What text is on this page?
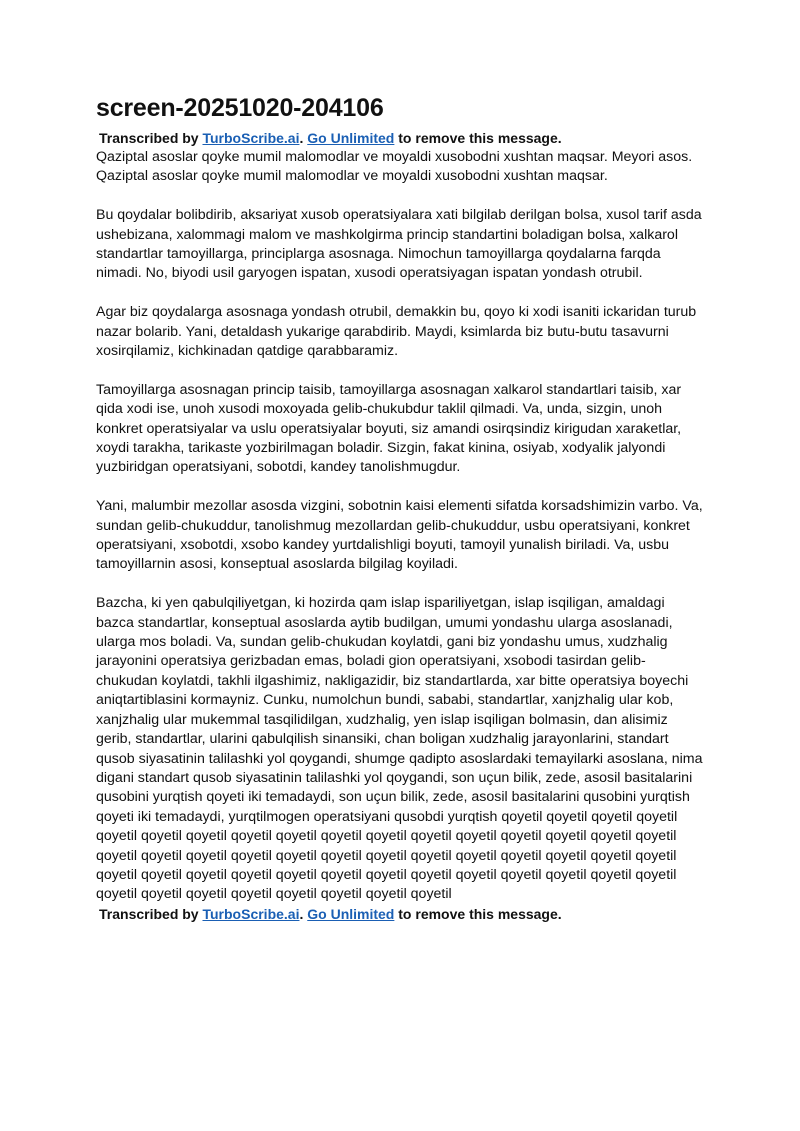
screen-20251020-204106
Transcribed by TurboScribe.ai. Go Unlimited to remove this message.

Qaziptal asoslar qoyke mumil malomodlar ve moyaldi xusobodni xushtan maqsar. Meyori asos. Qaziptal asoslar qoyke mumil malomodlar ve moyaldi xusobodni xushtan maqsar.

Bu qoydalar bolibdirib, aksariyat xusob operatsiyalara xati bilgilab derilgan bolsa, xusol tarif asda ushebizana, xalommagi malom ve mashkolgirma princip standartini boladigan bolsa, xalkarol standartlar tamoyillarga, principlarga asosnaga. Nimochun tamoyillarga qoydalarna farqda nimadi. No, biyodi usil garyogen ispatan, xusodi operatsiyagan ispatan yondash otrubil.

Agar biz qoydalarga asosnaga yondash otrubil, demakkin bu, qoyo ki xodi isaniti ickaridan turub nazar bolarib. Yani, detaldash yukarige qarabdirib. Maydi, ksimlarda biz butu-butu tasavurni xosirqilamiz, kichkinadan qatdige qarabbaramiz.

Tamoyillarga asosnagan princip taisib, tamoyillarga asosnagan xalkarol standartlari taisib, xar qida xodi ise, unoh xusodi moxoyada gelib-chukubdur taklil qilmadi. Va, unda, sizgin, unoh konkret operatsiyalar va uslu operatsiyalar boyuti, siz amandi osirqsindiz kirigudan xaraketlar, xoydi tarakha, tarikaste yozbirilmagan boladir. Sizgin, fakat kinina, osiyab, xodyalik jalyondi yuzbiridgan operatsiyani, sobotdi, kandey tanolishmugdur.

Yani, malumbir mezollar asosda vizgini, sobotnin kaisi elementi sifatda korsadshimizin varbo. Va, sundan gelib-chukuddur, tanolishmug mezollardan gelib-chukuddur, usbu operatsiyani, konkret operatsiyani, xsobotdi, xsobo kandey yurtdalishligi boyuti, tamoyil yunalish biriladi. Va, usbu tamoyillarnin asosi, konseptual asoslarda bilgilag koyiladi.

Bazcha, ki yen qabulqiliyetgan, ki hozirda qam islap ispariliyetgan, islap isqiligan, amaldagi bazca standartlar, konseptual asoslarda aytib budilgan, umumi yondashu ularga asoslanadi, ularga mos boladi. Va, sundan gelib-chukudan koylatdi, gani biz yondashu umus, xudzhalig jarayonini operatsiya gerizbadan emas, boladi gion operatsiyani, xsobodi tasirdan gelib-chukudan koylatdi, takhli ilgashimiz, nakligazidir, biz standartlarda, xar bitte operatsiya boyechi aniqtartiblasini kormayniz. Cunku, numolchun bundi, sababi, standartlar, xanjzhalig ular kob, xanjzhalig ular mukemmal tasqilidilgan, xudzhalig, yen islap isqiligan bolmasin, dan alisimiz gerib, standartlar, ularini qabulqilish sinansiki, chan boligan xudzhalig jarayonlarini, standart qusob siyasatinin talilashki yol qoygandi, shumge qadipto asoslardaki temayilarki asoslana, nima digani standart qusob siyasatinin talilashki yol qoygandi, son uçun bilik, zede, asosil basitalarini qusobini yurqtish qoyeti iki temadaydi, son uçun bilik, zede, asosil basitalarini qusobini yurqtish qoyeti iki temadaydi, yurqtilmogen operatsiyani qusobdi yurqtish qoyetil qoyetil qoyetil qoyetil qoyetil qoyetil qoyetil qoyetil qoyetil qoyetil qoyetil qoyetil qoyetil qoyetil qoyetil qoyetil qoyetil qoyetil qoyetil qoyetil qoyetil qoyetil qoyetil qoyetil qoyetil qoyetil qoyetil qoyetil qoyetil qoyetil qoyetil qoyetil qoyetil qoyetil qoyetil qoyetil qoyetil qoyetil qoyetil qoyetil qoyetil qoyetil qoyetil qoyetil qoyetil qoyetil qoyetil qoyetil qoyetil qoyetil qoyetil

Transcribed by TurboScribe.ai. Go Unlimited to remove this message.
